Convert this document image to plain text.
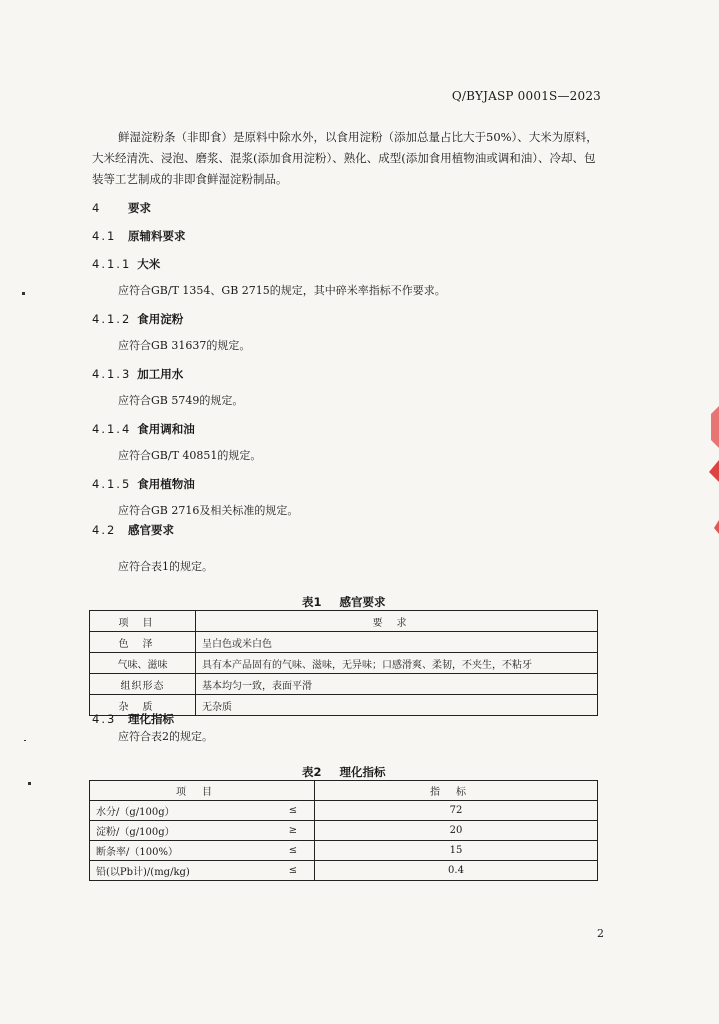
Q/BYJASP 0001S—2023
鲜湿淀粉条（非即食）是原料中除水外，以食用淀粉（添加总量占比大于50%）、大米为原料，大米经清洗、浸泡、磨浆、混浆(添加食用淀粉）、熟化、成型(添加食用植物油或调和油）、冷却、包装等工艺制成的非即食鲜湿淀粉制品。
4 要求
4.1 原辅料要求
4.1.1 大米
应符合GB/T 1354、GB 2715的规定，其中碎米率指标不作要求。
4.1.2 食用淀粉
应符合GB 31637的规定。
4.1.3 加工用水
应符合GB 5749的规定。
4.1.4 食用调和油
应符合GB/T 40851的规定。
4.1.5 食用植物油
应符合GB 2716及相关标准的规定。
4.2 感官要求
应符合表1的规定。
表1 感官要求
项目	要求
色泽	呈白色或米白色
气味、滋味	具有本产品固有的气味、滋味，无异味；口感滑爽、柔韧，不夹生，不粘牙
组织形态	基本均匀一致，表面平滑
杂质	无杂质
4.3 理化指标
应符合表2的规定。
表2 理化指标
项目		指标
水分/（g/100g）	≤	72
淀粉/（g/100g）	≥	20
断条率/（100%）	≤	15
铅(以Pb计)/(mg/kg)	≤	0.4
2
